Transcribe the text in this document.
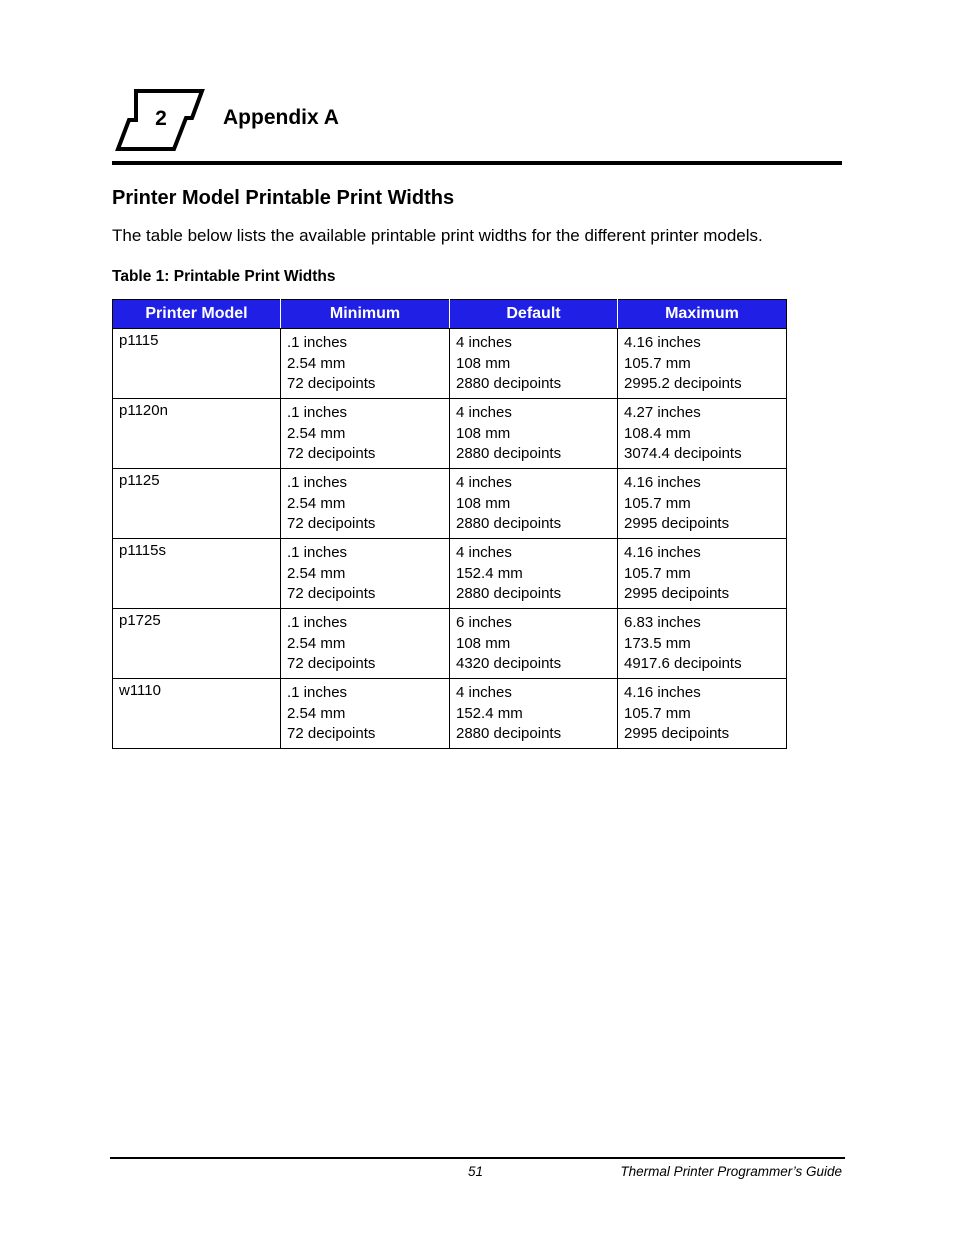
2	Appendix A
Printer Model Printable Print Widths
The table below lists the available printable print widths for the different printer models.
Table 1: Printable Print Widths
Printer Model	Minimum	Default	Maximum
p1115	.1 inches
2.54 mm
72 decipoints	4 inches
108 mm
2880 decipoints	4.16 inches
105.7 mm
2995.2 decipoints

p1120n	.1 inches
2.54 mm
72 decipoints	4 inches
108 mm
2880 decipoints	4.27 inches
108.4 mm
3074.4 decipoints

p1125	.1 inches
2.54 mm
72 decipoints	4 inches
108 mm
2880 decipoints	4.16 inches
105.7 mm
2995 decipoints

p1115s	.1 inches
2.54 mm
72 decipoints	4 inches
152.4 mm
2880 decipoints	4.16 inches
105.7 mm
2995 decipoints

p1725	.1 inches
2.54 mm
72 decipoints	6 inches
108 mm
4320 decipoints	6.83 inches
173.5 mm
4917.6 decipoints

w1110	.1 inches
2.54 mm
72 decipoints	4 inches
152.4 mm
2880 decipoints	4.16 inches
105.7 mm
2995 decipoints
51	Thermal Printer Programmer’s Guide
